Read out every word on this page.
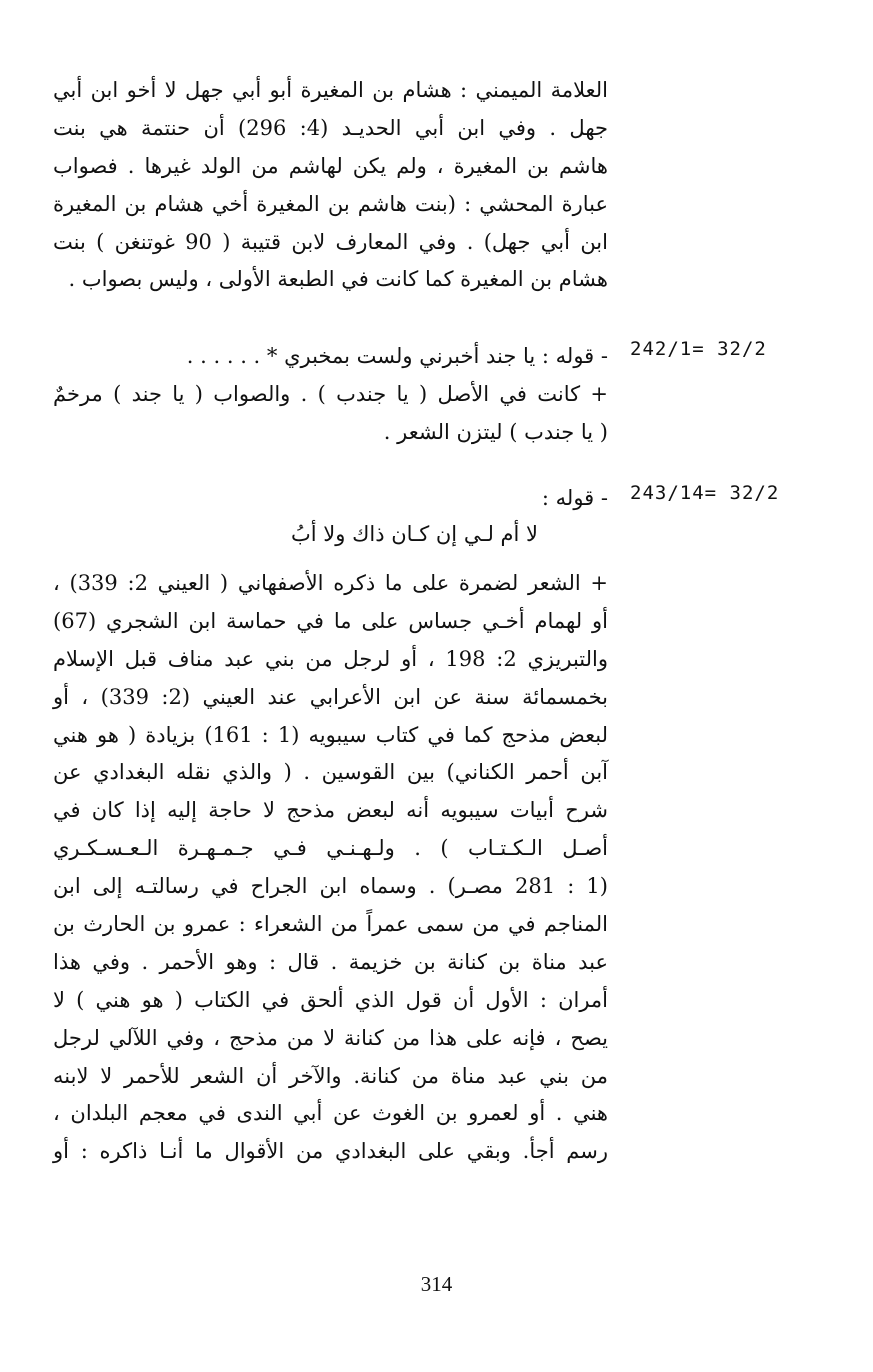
العلامة الميمني : هشام بن المغيرة أبو أبي جهل لا أخو ابن أبي
جهل . وفي ابن أبي الحديـد (4: 296) أن حنتمة هي بنت
هاشم بن المغيرة ، ولم يكن لهاشم من الولد غيرها . فصواب
عبارة المحشي : (بنت هاشم بن المغيرة أخي هشام بن المغيرة
ابن أبي جهل) . وفي المعارف لابن قتيبة ( 90 غوتنغن ) بنت
هشام بن المغيرة كما كانت في الطبعة الأولى ، وليس بصواب .
242/1= 32/2
- قوله : يا جند أخبرني ولست بمخبري * . . . . . .
+ كانت في الأصل ( يا جندب ) . والصواب ( يا جند ) مرخمٌ
( يا جندب ) ليتزن الشعر .
243/14= 32/2
- قوله :
لا أم لـي إن كـان ذاك ولا أبُ
+ الشعر لضمرة على ما ذكره الأصفهاني ( العيني 2: 339) ،
أو لهمام أخـي جساس على ما في حماسة ابن الشجري (67)
والتبريزي 2: 198 ، أو لرجل من بني عبد مناف قبل الإسلام
بخمسمائة سنة عن ابن الأعرابي عند العيني (2: 339) ، أو
لبعض مذحج كما في كتاب سيبويه (1 : 161) بزيادة ( هو هني
آبن أحمر الكناني) بين القوسين . ( والذي نقله البغدادي عن
شرح أبيات سيبويه أنه لبعض مذحج لا حاجة إليه إذا كان في
أصـل الـكـتـاب ) . ولـهـنـي فـي جـمـهـرة الـعـسـكـري
(1 : 281 مصـر) . وسماه ابن الجراح في رسالتـه إلى ابن
المناجم في من سمى عمراً من الشعراء : عمرو بن الحارث بن
عبد مناة بن كنانة بن خزيمة . قال : وهو الأحمر . وفي هذا
أمران : الأول أن قول الذي ألحق في الكتاب ( هو هني ) لا
يصح ، فإنه على هذا من كنانة لا من مذحج ، وفي اللآلي لرجل
من بني عبد مناة من كنانة. والآخر أن الشعر للأحمر لا لابنه
هني . أو لعمرو بن الغوث عن أبي الندى في معجم البلدان ،
رسم أجأ. وبقي على البغدادي من الأقوال ما أنـا ذاكره : أو
314
